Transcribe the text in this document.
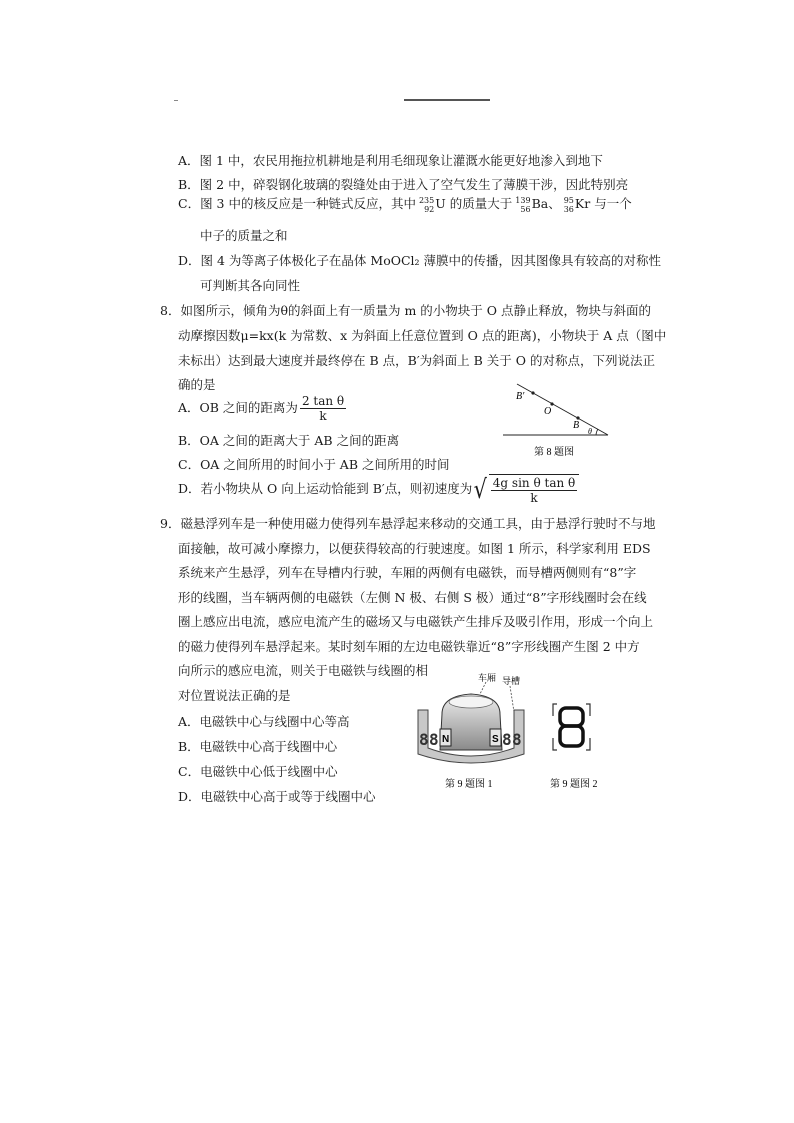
A．图 1 中，农民用拖拉机耕地是利用毛细现象让灌溉水能更好地渗入到地下
B．图 2 中，碎裂钢化玻璃的裂缝处由于进入了空气发生了薄膜干涉，因此特别亮
C．图 3 中的核反应是一种链式反应，其中 235
92U 的质量大于 139
56Ba、 95
36Kr 与一个
中子的质量之和
D．图 4 为等离子体极化子在晶体 MoOCl₂ 薄膜中的传播，因其图像具有较高的对称性
可判断其各向同性
8．如图所示，倾角为θ的斜面上有一质量为 m 的小物块于 O 点静止释放，物块与斜面的
动摩擦因数μ=kx(k 为常数、x 为斜面上任意位置到 O 点的距离)，小物块于 A 点（图中
未标出）达到最大速度并最终停在 B 点，B′为斜面上 B 关于 O 的对称点，下列说法正
确的是
A．OB 之间的距离为 $\frac{\text{2 tan θ}}{k}$
B．OA 之间的距离大于 AB 之间的距离
C．OA 之间所用的时间小于 AB 之间所用的时间
D．若小物块从 O 向上运动恰能到 B′点，则初速度为√ $\frac{\text{4g sin θ tan θ}}{k}$
B′
O
B
θ
第 8 题图
9．磁悬浮列车是一种使用磁力使得列车悬浮起来移动的交通工具，由于悬浮行驶时不与地
面接触，故可减小摩擦力，以便获得较高的行驶速度。如图 1 所示，科学家利用 EDS
系统来产生悬浮，列车在导槽内行驶，车厢的两侧有电磁铁，而导槽两侧则有“8”字
形的线圈，当车辆两侧的电磁铁（左侧 N 极、右侧 S 极）通过“8”字形线圈时会在线
圈上感应出电流，感应电流产生的磁场又与电磁铁产生排斥及吸引作用，形成一个向上
的磁力使得列车悬浮起来。某时刻车厢的左边电磁铁靠近“8”字形线圈产生图 2 中方
向所示的感应电流，则关于电磁铁与线圈的相
对位置说法正确的是
A．电磁铁中心与线圈中心等高
B．电磁铁中心高于线圈中心
C．电磁铁中心低于线圈中心
D．电磁铁中心高于或等于线圈中心
8 8	8 8
N	S
车厢 导槽
第 9 题图 1	第 9 题图 2
